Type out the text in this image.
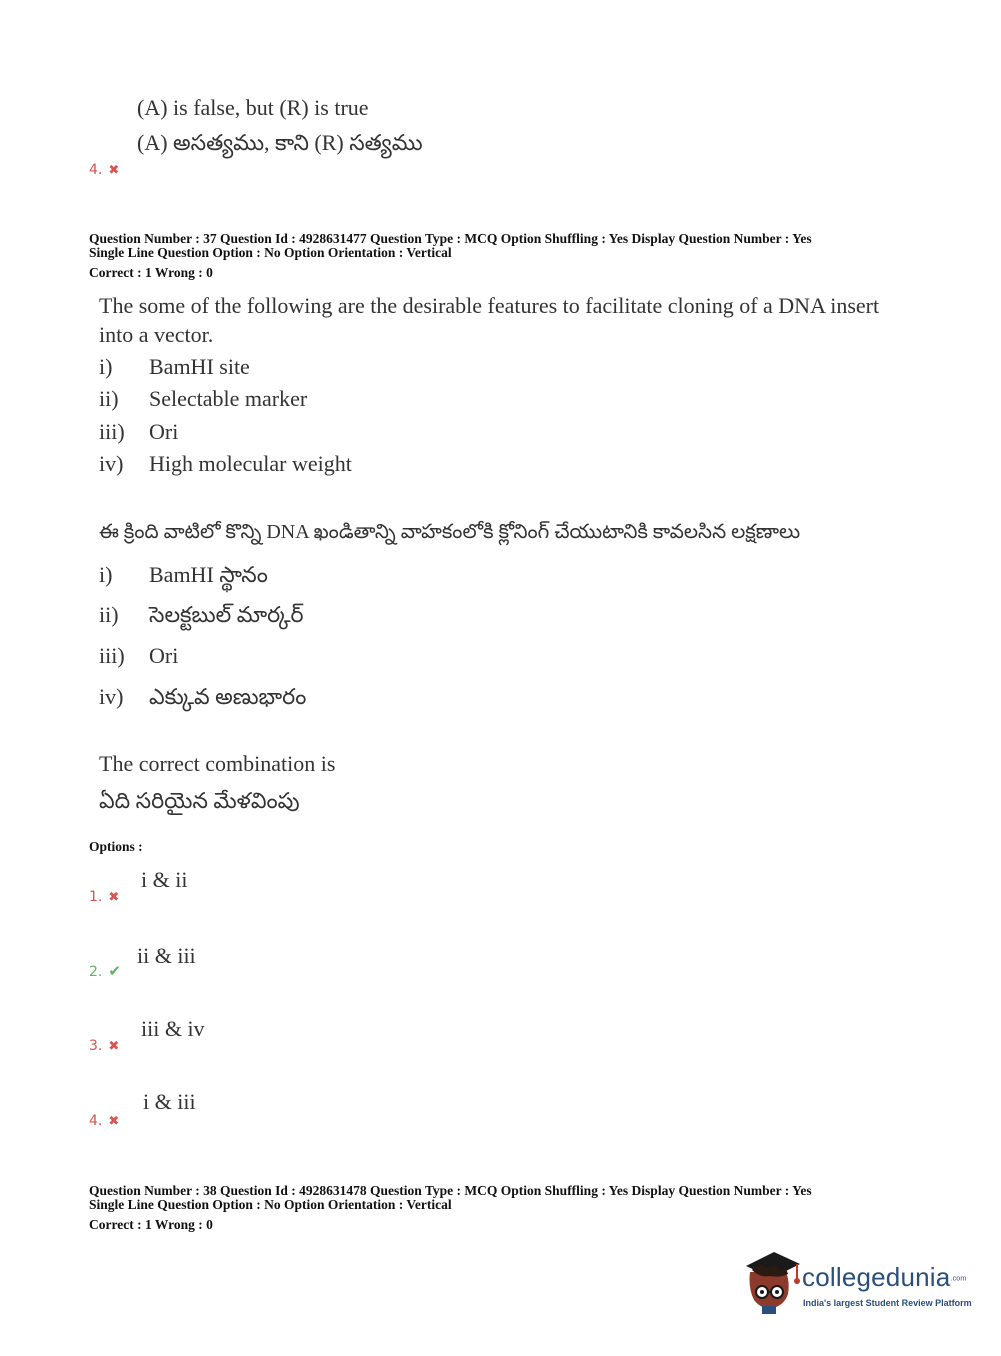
(A) is false, but (R) is true
(A) అసత్యము, కాని (R) సత్యము
4. ✖
Question Number : 37 Question Id : 4928631477 Question Type : MCQ Option Shuffling : Yes Display Question Number : Yes
Single Line Question Option : No Option Orientation : Vertical
Correct : 1 Wrong : 0
The some of the following are the desirable features to facilitate cloning of a DNA insert
into a vector.
i) BamHI site
ii) Selectable marker
iii) Ori
iv) High molecular weight
ఈ క్రింది వాటిలో కొన్ని DNA ఖండితాన్ని వాహకంలోకి క్లోనింగ్ చేయుటానికి కావలసిన లక్షణాలు
i) BamHI స్థానం
ii) సెలక్టబుల్ మార్కర్
iii) Ori
iv) ఎక్కువ అణుభారం
The correct combination is
ఏది సరియైన మేళవింపు
Options :
i & ii
1. ✖
ii & iii
2. ✔
iii & iv
3. ✖
i & iii
4. ✖
Question Number : 38 Question Id : 4928631478 Question Type : MCQ Option Shuffling : Yes Display Question Number : Yes
Single Line Question Option : No Option Orientation : Vertical
Correct : 1 Wrong : 0
collegedunia.com
India's largest Student Review Platform
